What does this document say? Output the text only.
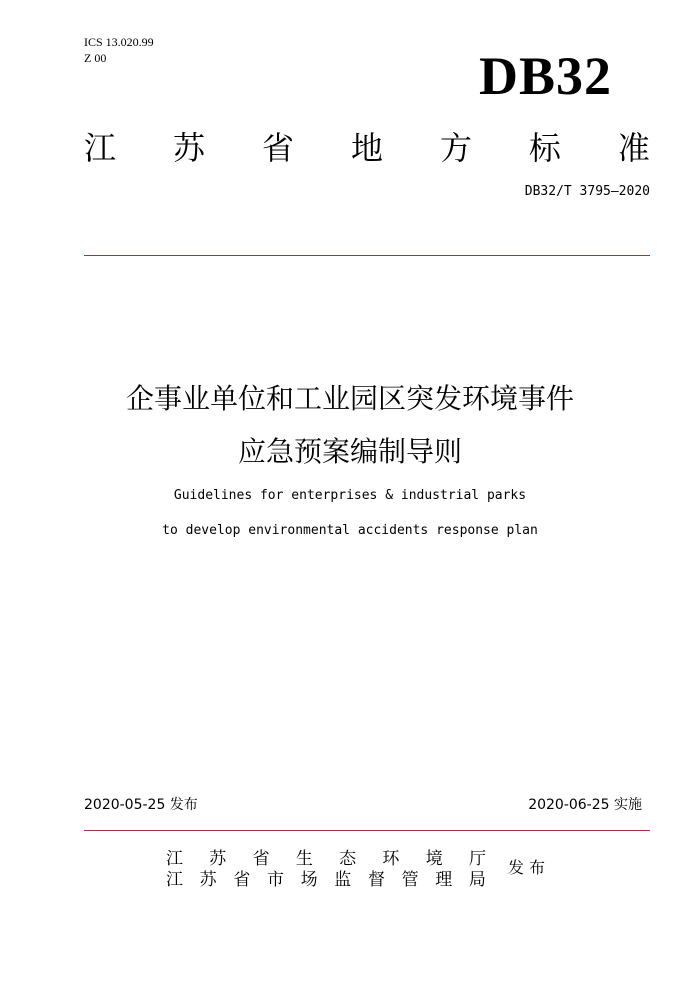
ICS 13.020.99
Z 00	DB32
江 苏 省 地 方 标 准
DB32/T 3795—2020
企事业单位和工业园区突发环境事件
应急预案编制导则
Guidelines for enterprises & industrial parks
to develop environmental accidents response plan
2020-05-25 发布	2020-06-25 实施
江 苏 省 生 态 环 境 厅
江 苏 省 市 场 监 督 管 理 局
发布
